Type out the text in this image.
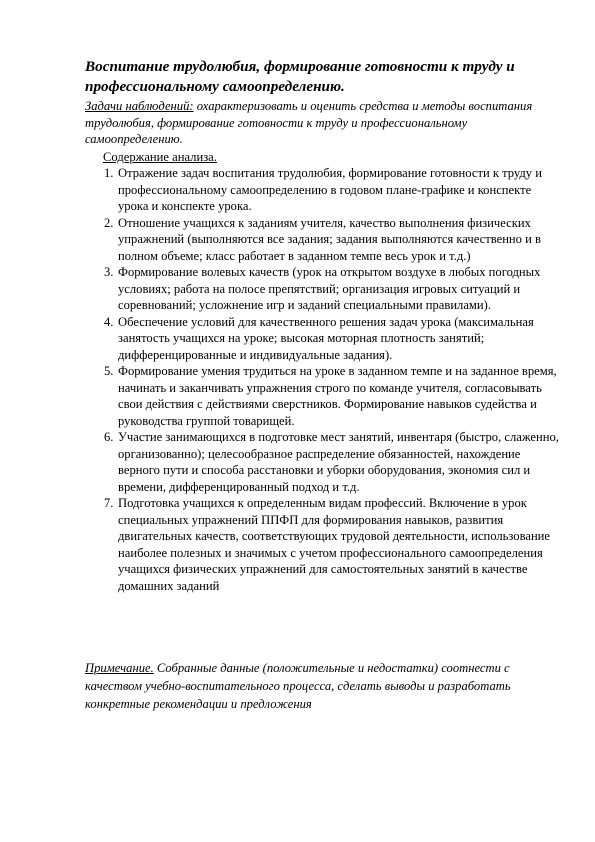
Воспитание трудолюбия, формирование готовности к труду и профессиональному самоопределению.

Задачи наблюдений: охарактеризовать и оценить средства и методы воспитания трудолюбия, формирование готовности к труду и профессиональному самоопределению.

Содержание анализа.

1. Отражение задач воспитания трудолюбия, формирование готовности к труду и профессиональному самоопределению в годовом плане-графике и конспекте урока и конспекте урока.
2. Отношение учащихся к заданиям учителя, качество выполнения физических упражнений (выполняются все задания; задания выполняются качественно и в полном объеме; класс работает в заданном темпе весь урок и т.д.)
3. Формирование волевых качеств (урок на открытом воздухе в любых погодных условиях; работа на полосе препятствий; организация игровых ситуаций и соревнований; усложнение игр и заданий специальными правилами).
4. Обеспечение условий для качественного решения задач урока (максимальная занятость учащихся на уроке; высокая моторная плотность занятий; дифференцированные и индивидуальные задания).
5. Формирование умения трудиться на уроке в заданном темпе и на заданное время, начинать и заканчивать упражнения строго по команде учителя, согласовывать свои действия с действиями сверстников. Формирование навыков судейства и руководства группой товарищей.
6. Участие занимающихся в подготовке мест занятий, инвентаря (быстро, слаженно, организованно); целесообразное распределение обязанностей, нахождение верного пути и способа расстановки и уборки оборудования, экономия сил и времени, дифференцированный подход и т.д.
7. Подготовка учащихся к определенным видам профессий. Включение в урок специальных упражнений ППФП для формирования навыков, развития двигательных качеств, соответствующих трудовой деятельности, использование наиболее полезных и значимых с учетом профессионального самоопределения учащихся физических упражнений для самостоятельных занятий в качестве домашних заданий

Примечание. Собранные данные (положительные и недостатки) соотнести с качеством учебно-воспитательного процесса, сделать выводы и разработать конкретные рекомендации и предложения
